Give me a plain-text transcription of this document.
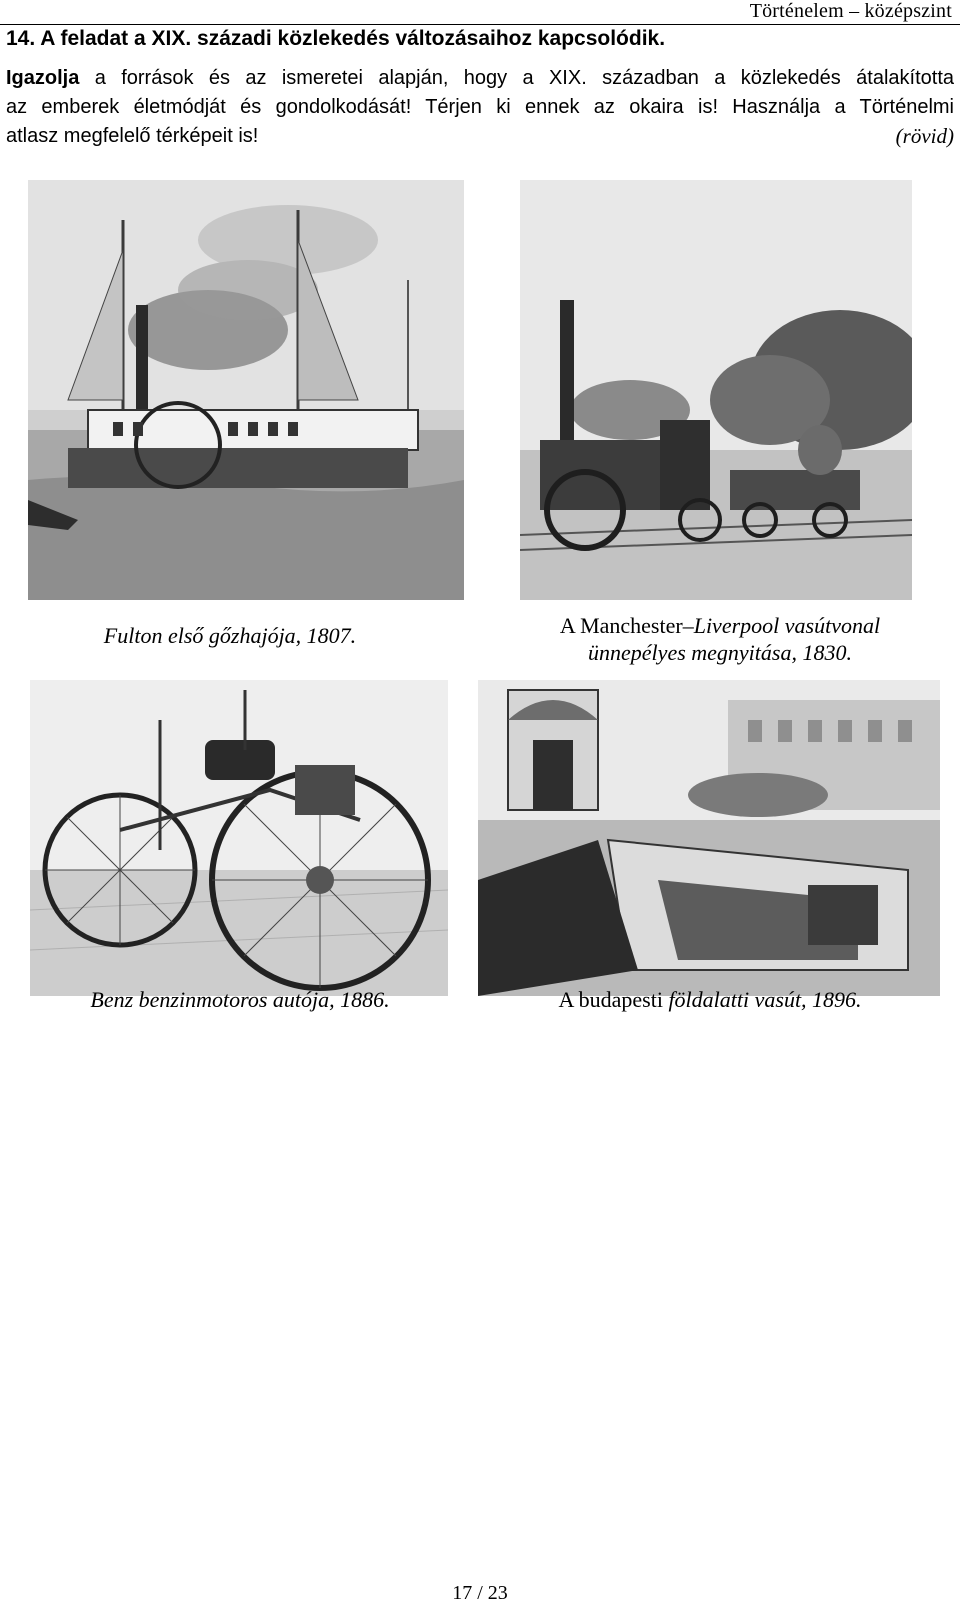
Történelem – középszint
14. A feladat a XIX. századi közlekedés változásaihoz kapcsolódik.
Igazolja a források és az ismeretei alapján, hogy a XIX. században a közlekedés átalakította
az emberek életmódját és gondolkodását! Térjen ki ennek az okaira is! Használja a Történelmi
atlasz megfelelő térképeit is!	(rövid)
Fulton első gőzhajója, 1807.	A Manchester–Liverpool vasútvonal
ünnepélyes megnyitása, 1830.
Benz benzinmotoros autója, 1886.	A budapesti földalatti vasút, 1896.
17 / 23
